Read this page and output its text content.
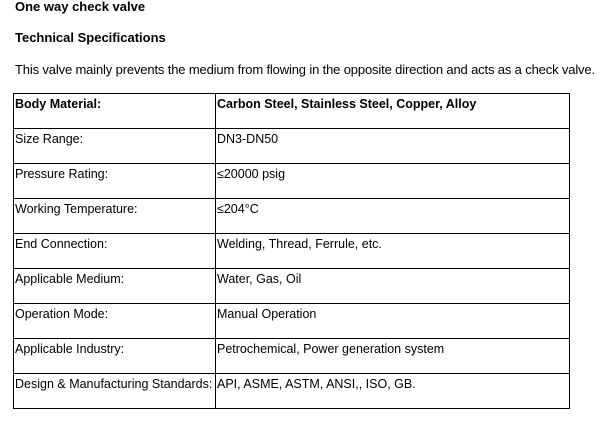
One way check valve
Technical Specifications
This valve mainly prevents the medium from flowing in the opposite direction and acts as a check valve.
Body Material:	Carbon Steel, Stainless Steel, Copper, Alloy

Size Range:	DN3-DN50

Pressure Rating:	≤20000 psig

Working Temperature:	≤204°C

End Connection:	Welding, Thread, Ferrule, etc.

Applicable Medium:	Water, Gas, Oil

Operation Mode:	Manual Operation

Applicable Industry:	Petrochemical, Power generation system

Design & Manufacturing Standards:	API, ASME, ASTM, ANSI,, ISO, GB.
